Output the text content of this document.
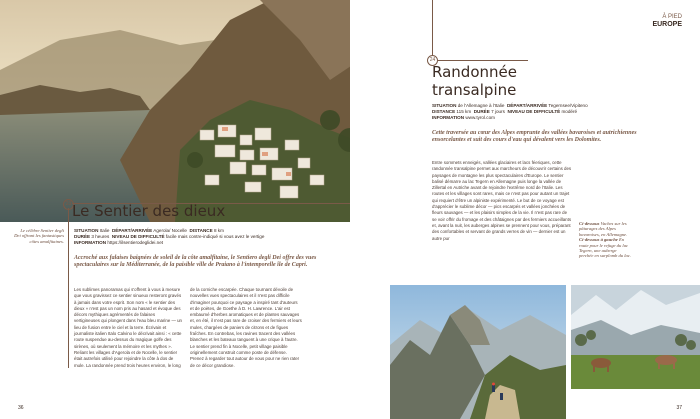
23 Le Sentier des dieux
Le célèbre Sentier degli Dei offrant les fantastiques côtes amalfitaines.
SITUATION Italie DÉPART/ARRIVÉE Agerola/ Nocelle DISTANCE 8 km
DURÉE 3 heures NIVEAU DE DIFFICULTÉ facile mais contre-indiqué si vous avez le vertige
INFORMATION https://ilsentierodeglidei.net
Accroché aux falaises baignées de soleil de la côte amalfitaine, le Sentiero degli Dei offre des vues spectaculaires sur la Méditerranée, de la paisible ville de Praiano à l'intemporelle île de Capri.
Les sublimes panoramas qui s'offrent à vous à mesure que vous gravissez ce sentier sinueux resteront gravés à jamais dans votre esprit. Son nom « le sentier des dieux » n'est pas un nom pris au hasard et évoque des décors mythiques agrémentés de falaises vertigineuses qui plongent dans l'eau bleu marine — un lieu de fusion entre le ciel et la terre. Écrivain et journaliste italien Italo Calvino le décrivait ainsi : « cette route suspendue au-dessus du magique golfe des sirènes, où seulement la mémoire et les mythes ». Reliant les villages d'Agerola et de Nocelle, le sentier était autrefois utilisé pour rejoindre la côte à dos de mule. La randonnée prend trois heures environ, le long
de la corniche escarpée. Chaque tournant dévoile de nouvelles vues spectaculaires et il n'est pas difficile d'imaginer pourquoi ce paysage a inspiré tant d'auteurs et de poètes, de Goethe à D. H. Lawrence. L'air est embaumé d'herbes aromatiques et de plantes sauvages et, en été, il n'est pas rare de croiser des fermiers et leurs mules, chargées de paniers de citrons et de figues fraîches. En contrebas, les ravines tracent des vallées blanches et les bateaux tanguent à une crique à l'autre. Le sentier prend fin à Nocelle, petit village paisible originellement construit comme poste de défense. Prenez à regarder tout autour de vous pour ne rien rater de ce décor grandiose.
36
À PIED
EUROPE
24
Randonnée
transalpine
SITUATION de l'Allemagne à l'Italie DÉPART/ARRIVÉE Tegernsee/Vipiteno
DISTANCE 115 km DURÉE 7 jours NIVEAU DE DIFFICULTÉ modéré
INFORMATION www.tyrol.com
Cette traversée au cœur des Alpes emprunte des vallées bavaroises et autrichiennes ensorcelantes et suit des cours d'eau qui dévalent vers les Dolomites.
Entre sommets enneigés, vallées glaciaires et lacs féeriques, cette randonnée transalpine permet aux marcheurs de découvrir certains des paysages de montagne les plus spectaculaires d'Europe. Le sentier balisé démarre au lac Tegern en Allemagne puis longe la vallée de Zillertal en Autriche avant de rejoindre l'extrême nord de l'Italie. Les routes et les villages sont rares, mais ce n'est pas pour autant un trajet qui requiert d'être un alpiniste expérimenté. Le but de ce voyage est d'apprécier le sublime décor — pics escarpés et vallées jonchées de fleurs sauvages — et les plaisirs simples de la vie. Il n'est pas rare de se voir offrir du fromage et des châtaignes par des fermiers accueillants et, avant la nuit, les auberges alpines se prennent pour vous, préparant des confortables et servant de grands verres de vin — dernier est un autre pur
Ci-dessous Vaches sur les pâturages des Alpes bavaroises, en Allemagne.
Ci-dessous à gauche En route pour le refuge du lac Tegern, une auberge perchée en surplomb du lac.
37
